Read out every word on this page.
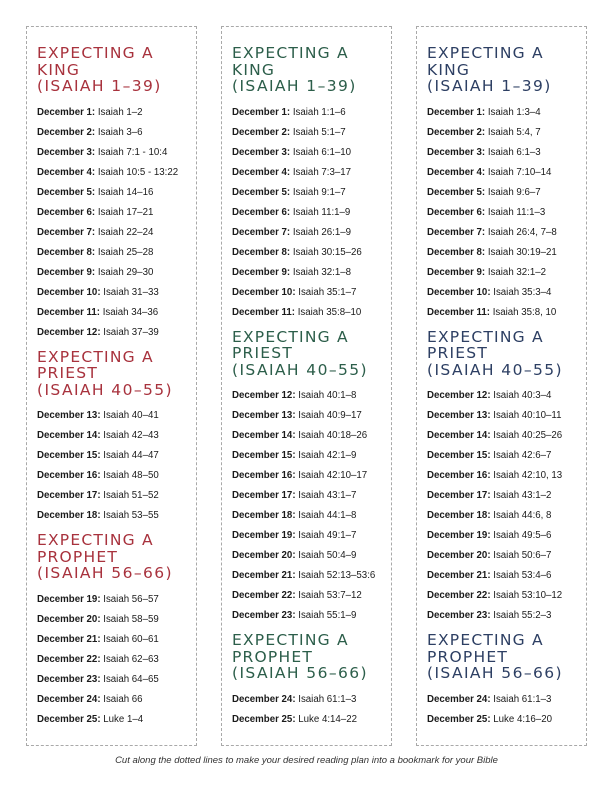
EXPECTING A
KING
(ISAIAH 1–39)
December 1: Isaiah 1–2
December 2: Isaiah 3–6
December 3: Isaiah 7:1 - 10:4
December 4: Isaiah 10:5 - 13:22
December 5: Isaiah 14–16
December 6: Isaiah 17–21
December 7: Isaiah 22–24
December 8: Isaiah 25–28
December 9: Isaiah 29–30
December 10: Isaiah 31–33
December 11: Isaiah 34–36
December 12: Isaiah 37–39
EXPECTING A
PRIEST
(ISAIAH 40–55)
December 13: Isaiah 40–41
December 14: Isaiah 42–43
December 15: Isaiah 44–47
December 16: Isaiah 48–50
December 17: Isaiah 51–52
December 18: Isaiah 53–55
EXPECTING A
PROPHET
(ISAIAH 56–66)
December 19: Isaiah 56–57
December 20: Isaiah 58–59
December 21: Isaiah 60–61
December 22: Isaiah 62–63
December 23: Isaiah 64–65
December 24: Isaiah 66
December 25: Luke 1–4
EXPECTING A
KING
(ISAIAH 1–39)
December 1: Isaiah 1:1–6
December 2: Isaiah 5:1–7
December 3: Isaiah 6:1–10
December 4: Isaiah 7:3–17
December 5: Isaiah 9:1–7
December 6: Isaiah 11:1–9
December 7: Isaiah 26:1–9
December 8: Isaiah 30:15–26
December 9: Isaiah 32:1–8
December 10: Isaiah 35:1–7
December 11: Isaiah 35:8–10
EXPECTING A
PRIEST
(ISAIAH 40–55)
December 12: Isaiah 40:1–8
December 13: Isaiah 40:9–17
December 14: Isaiah 40:18–26
December 15: Isaiah 42:1–9
December 16: Isaiah 42:10–17
December 17: Isaiah 43:1–7
December 18: Isaiah 44:1–8
December 19: Isaiah 49:1–7
December 20: Isaiah 50:4–9
December 21: Isaiah 52:13–53:6
December 22: Isaiah 53:7–12
December 23: Isaiah 55:1–9
EXPECTING A
PROPHET
(ISAIAH 56–66)
December 24: Isaiah 61:1–3
December 25: Luke 4:14–22
EXPECTING A
KING
(ISAIAH 1–39)
December 1: Isaiah 1:3–4
December 2: Isaiah 5:4, 7
December 3: Isaiah 6:1–3
December 4: Isaiah 7:10–14
December 5: Isaiah 9:6–7
December 6: Isaiah 11:1–3
December 7: Isaiah 26:4, 7–8
December 8: Isaiah 30:19–21
December 9: Isaiah 32:1–2
December 10: Isaiah 35:3–4
December 11: Isaiah 35:8, 10
EXPECTING A
PRIEST
(ISAIAH 40–55)
December 12: Isaiah 40:3–4
December 13: Isaiah 40:10–11
December 14: Isaiah 40:25–26
December 15: Isaiah 42:6–7
December 16: Isaiah 42:10, 13
December 17: Isaiah 43:1–2
December 18: Isaiah 44:6, 8
December 19: Isaiah 49:5–6
December 20: Isaiah 50:6–7
December 21: Isaiah 53:4–6
December 22: Isaiah 53:10–12
December 23: Isaiah 55:2–3
EXPECTING A
PROPHET
(ISAIAH 56–66)
December 24: Isaiah 61:1–3
December 25: Luke 4:16–20
Cut along the dotted lines to make your desired reading plan into a bookmark for your Bible
